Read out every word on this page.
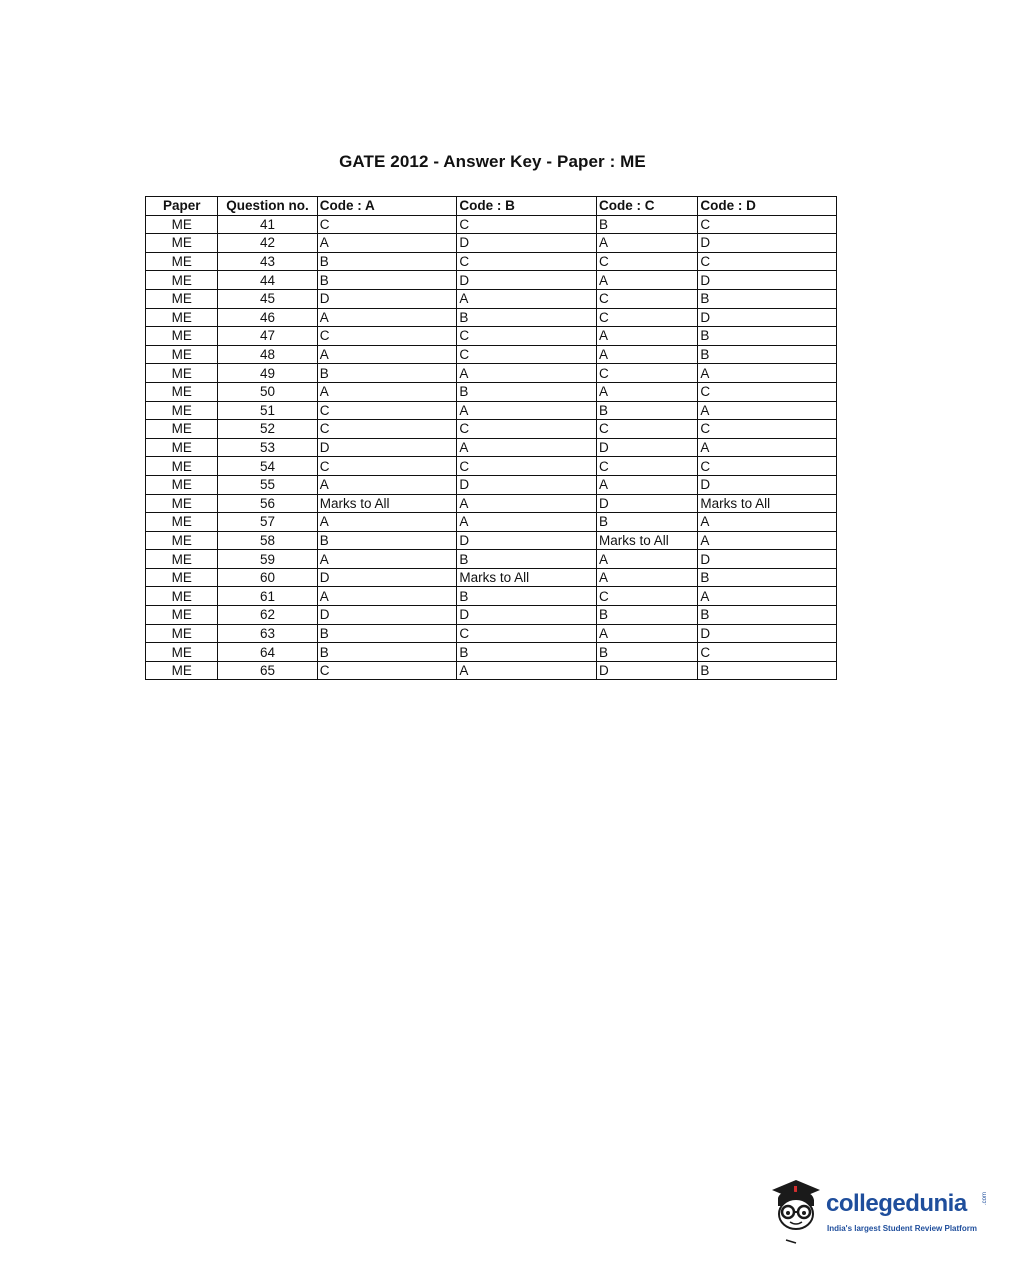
GATE 2012 - Answer Key - Paper : ME
Paper	Question no.	Code : A	Code : B	Code : C	Code : D
ME	41	C	C	B	C
ME	42	A	D	A	D
ME	43	B	C	C	C
ME	44	B	D	A	D
ME	45	D	A	C	B
ME	46	A	B	C	D
ME	47	C	C	A	B
ME	48	A	C	A	B
ME	49	B	A	C	A
ME	50	A	B	A	C
ME	51	C	A	B	A
ME	52	C	C	C	C
ME	53	D	A	D	A
ME	54	C	C	C	C
ME	55	A	D	A	D
ME	56	Marks to All	A	D	Marks to All
ME	57	A	A	B	A
ME	58	B	D	Marks to All	A
ME	59	A	B	A	D
ME	60	D	Marks to All	A	B
ME	61	A	B	C	A
ME	62	D	D	B	B
ME	63	B	C	A	D
ME	64	B	B	B	C
ME	65	C	A	D	B
collegedunia	.com
India's largest Student Review Platform
